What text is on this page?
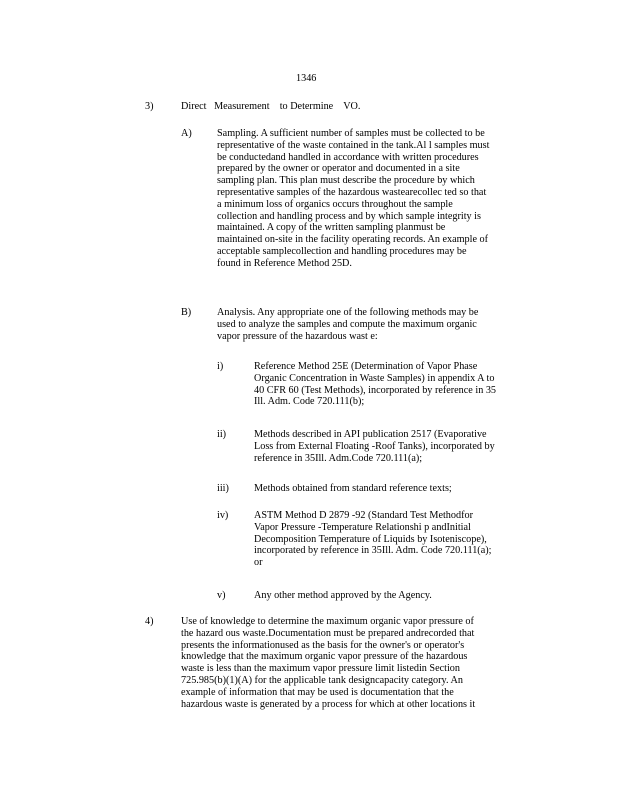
1346
3)	Direct   Measurement    to Determine    VO.
A) Sampling. A sufficient number of samples must be collected to be
representative of the waste contained in the tank.Al l samples must
be conductedand handled in accordance with written procedures
prepared by the owner or operator and documented in a site
sampling plan. This plan must describe the procedure by which
representative samples of the hazardous wastearecollec ted so that
a minimum loss of organics occurs throughout the sample
collection and handling process and by which sample integrity is
maintained. A copy of the written sampling planmust be
maintained on-site in the facility operating records. An example of
acceptable samplecollection and handling procedures may be
found in Reference Method 25D.
B)	Analysis. Any appropriate one of the following methods may be
used to analyze the samples and compute the maximum organic
vapor pressure of the hazardous wast e:
i)	Reference Method 25E (Determination of Vapor Phase
Organic Concentration in Waste Samples) in appendix A to
40 CFR 60 (Test Methods), incorporated by reference in 35
Ill. Adm. Code 720.111(b);
ii)	Methods described in API publication 2517 (Evaporative
Loss from External Floating -Roof Tanks), incorporated by
reference in 35Ill. Adm.Code 720.111(a);
iii) Methods obtained from standard reference texts;
iv)	ASTM Method D 2879 -92 (Standard Test Methodfor
Vapor Pressure -Temperature Relationshi p andInitial
Decomposition Temperature of Liquids by Isoteniscope),
incorporated by reference in 35Ill. Adm. Code 720.111(a);
or
v)	Any other method approved by the Agency.
4)	Use of knowledge to determine the maximum organic vapor pressure of
the hazard ous waste.Documentation must be prepared andrecorded that
presents the informationused as the basis for the owner's or operator's
knowledge that the maximum organic vapor pressure of the hazardous
waste is less than the maximum vapor pressure limit listedin Section
725.985(b)(1)(A) for the applicable tank designcapacity category. An
example of information that may be used is documentation that the
hazardous waste is generated by a process for which at other locations it
